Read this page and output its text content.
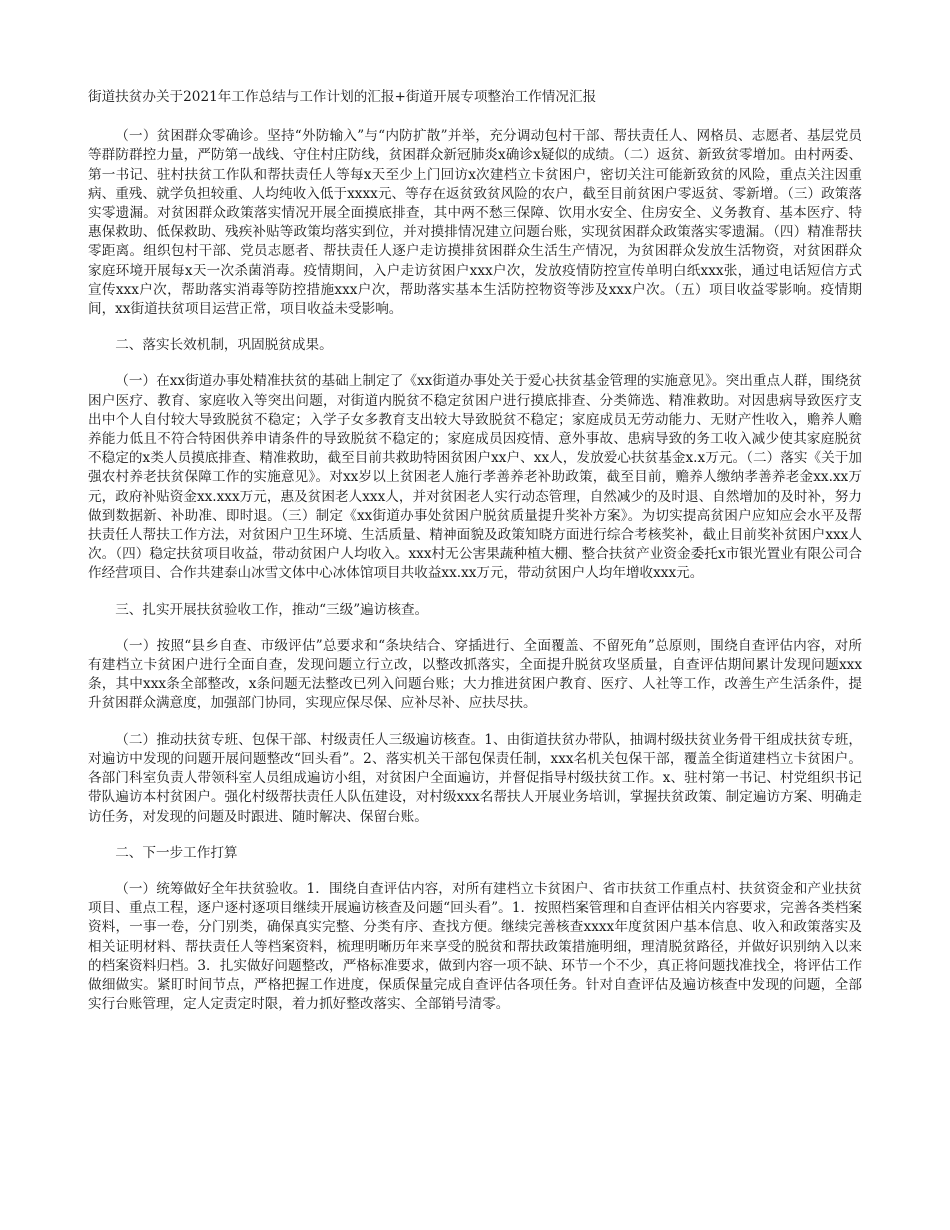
街道扶贫办关于2021年工作总结与工作计划的汇报+街道开展专项整治工作情况汇报

（一）贫困群众零确诊。坚持“外防输入”与“内防扩散”并举，充分调动包村干部、帮扶责任人、网格员、志愿者、基层党员等群防群控力量，严防第一战线、守住村庄防线，贫困群众新冠肺炎x确诊x疑似的成绩。（二）返贫、新致贫零增加。由村两委、第一书记、驻村扶贫工作队和帮扶责任人等每x天至少上门回访x次建档立卡贫困户，密切关注可能新致贫的风险，重点关注因重病、重残、就学负担较重、人均纯收入低于xxxx元、等存在返贫致贫风险的农户，截至目前贫困户零返贫、零新增。（三）政策落实零遗漏。对贫困群众政策落实情况开展全面摸底排查，其中两不愁三保障、饮用水安全、住房安全、义务教育、基本医疗、特惠保救助、低保救助、残疾补贴等政策均落实到位，并对摸排情况建立问题台账，实现贫困群众政策落实零遗漏。（四）精准帮扶零距离。组织包村干部、党员志愿者、帮扶责任人逐户走访摸排贫困群众生活生产情况，为贫困群众发放生活物资，对贫困群众家庭环境开展每x天一次杀菌消毒。疫情期间，入户走访贫困户xxx户次，发放疫情防控宣传单明白纸xxx张，通过电话短信方式宣传xxx户次，帮助落实消毒等防控措施xxx户次，帮助落实基本生活防控物资等涉及xxx户次。（五）项目收益零影响。疫情期间，xx街道扶贫项目运营正常，项目收益未受影响。

二、落实长效机制，巩固脱贫成果。

（一）在xx街道办事处精准扶贫的基础上制定了《xx街道办事处关于爱心扶贫基金管理的实施意见》。突出重点人群，围绕贫困户医疗、教育、家庭收入等突出问题，对街道内脱贫不稳定贫困户进行摸底排查、分类筛选、精准救助。对因患病导致医疗支出中个人自付较大导致脱贫不稳定；入学子女多教育支出较大导致脱贫不稳定；家庭成员无劳动能力、无财产性收入，赡养人赡养能力低且不符合特困供养申请条件的导致脱贫不稳定的；家庭成员因疫情、意外事故、患病导致的务工收入减少使其家庭脱贫不稳定的x类人员摸底排查、精准救助，截至目前共救助特困贫困户xx户、xx人，发放爱心扶贫基金x.x万元。（二）落实《关于加强农村养老扶贫保障工作的实施意见》。对xx岁以上贫困老人施行孝善养老补助政策，截至目前，赡养人缴纳孝善养老金xx.xx万元，政府补贴资金xx.xxx万元，惠及贫困老人xxx人，并对贫困老人实行动态管理，自然减少的及时退、自然增加的及时补，努力做到数据新、补助准、即时退。（三）制定《xx街道办事处贫困户脱贫质量提升奖补方案》。为切实提高贫困户应知应会水平及帮扶责任人帮扶工作方法，对贫困户卫生环境、生活质量、精神面貌及政策知晓方面进行综合考核奖补，截止目前奖补贫困户xxx人次。（四）稳定扶贫项目收益，带动贫困户人均收入。xxx村无公害果蔬种植大棚、整合扶贫产业资金委托x市银光置业有限公司合作经营项目、合作共建泰山冰雪文体中心冰体馆项目共收益xx.xx万元，带动贫困户人均年增收xxx元。

三、扎实开展扶贫验收工作，推动“三级”遍访核查。

（一）按照“县乡自查、市级评估”总要求和“条块结合、穿插进行、全面覆盖、不留死角”总原则，围绕自查评估内容，对所有建档立卡贫困户进行全面自查，发现问题立行立改，以整改抓落实，全面提升脱贫攻坚质量，自查评估期间累计发现问题xxx条，其中xxx条全部整改，x条问题无法整改已列入问题台账；大力推进贫困户教育、医疗、人社等工作，改善生产生活条件，提升贫困群众满意度，加强部门协同，实现应保尽保、应补尽补、应扶尽扶。

（二）推动扶贫专班、包保干部、村级责任人三级遍访核查。1、由街道扶贫办带队，抽调村级扶贫业务骨干组成扶贫专班，对遍访中发现的问题开展问题整改“回头看”。2、落实机关干部包保责任制，xxx名机关包保干部，覆盖全街道建档立卡贫困户。各部门科室负责人带领科室人员组成遍访小组，对贫困户全面遍访，并督促指导村级扶贫工作。x、驻村第一书记、村党组织书记带队遍访本村贫困户。强化村级帮扶责任人队伍建设，对村级xxx名帮扶人开展业务培训，掌握扶贫政策、制定遍访方案、明确走访任务，对发现的问题及时跟进、随时解决、保留台账。

二、下一步工作打算

（一）统筹做好全年扶贫验收。1．围绕自查评估内容，对所有建档立卡贫困户、省市扶贫工作重点村、扶贫资金和产业扶贫项目、重点工程，逐户逐村逐项目继续开展遍访核查及问题“回头看”。1．按照档案管理和自查评估相关内容要求，完善各类档案资料，一事一卷，分门别类，确保真实完整、分类有序、查找方便。继续完善核查xxxx年度贫困户基本信息、收入和政策落实及相关证明材料、帮扶责任人等档案资料，梳理明晰历年来享受的脱贫和帮扶政策措施明细，理清脱贫路径，并做好识别纳入以来的档案资料归档。3．扎实做好问题整改，严格标准要求，做到内容一项不缺、环节一个不少，真正将问题找准找全，将评估工作做细做实。紧盯时间节点，严格把握工作进度，保质保量完成自查评估各项任务。针对自查评估及遍访核查中发现的问题，全部实行台账管理，定人定责定时限，着力抓好整改落实、全部销号清零。
